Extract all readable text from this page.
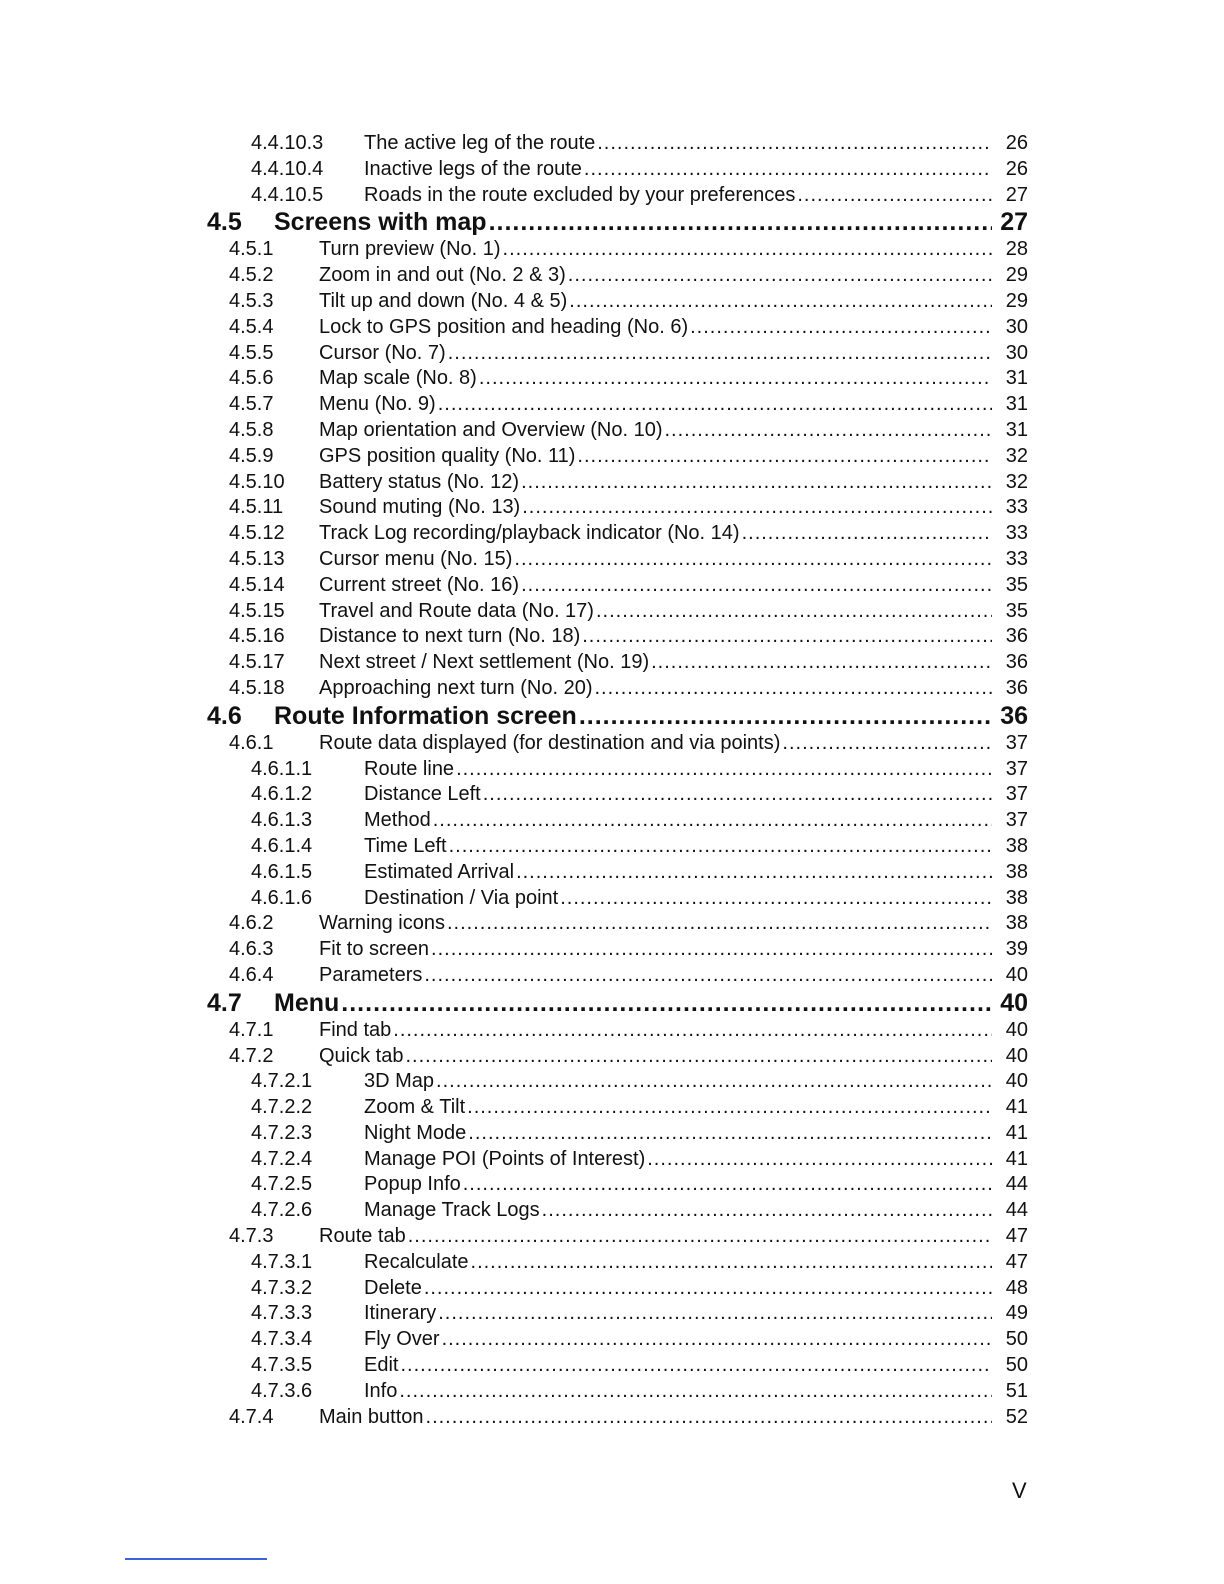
4.4.10.3 The active leg of the route .....	26
4.4.10.4 Inactive legs of the route .....	26
4.4.10.5 Roads in the route excluded by your preferences .....	27
4.5 Screens with map .....	27
4.5.1 Turn preview (No. 1) .....	28
4.5.2 Zoom in and out (No. 2 & 3) .....	29
4.5.3 Tilt up and down (No. 4 & 5) .....	29
4.5.4 Lock to GPS position and heading (No. 6) .....	30
4.5.5 Cursor (No. 7) .....	30
4.5.6 Map scale (No. 8) .....	31
4.5.7 Menu (No. 9) .....	31
4.5.8 Map orientation and Overview (No. 10) .....	31
4.5.9 GPS position quality (No. 11) .....	32
4.5.10 Battery status (No. 12) .....	32
4.5.11 Sound muting (No. 13) .....	33
4.5.12 Track Log recording/playback indicator (No. 14) .....	33
4.5.13 Cursor menu (No. 15) .....	33
4.5.14 Current street (No. 16) .....	35
4.5.15 Travel and Route data (No. 17) .....	35
4.5.16 Distance to next turn (No. 18) .....	36
4.5.17 Next street / Next settlement (No. 19) .....	36
4.5.18 Approaching next turn (No. 20) .....	36
4.6 Route Information screen .....	36
4.6.1 Route data displayed (for destination and via points) .....	37
4.6.1.1	Route line .....	37
4.6.1.2	Distance Left .....	37
4.6.1.3	Method .....	37
4.6.1.4	Time Left .....	38
4.6.1.5	Estimated Arrival .....	38
4.6.1.6	Destination / Via point .....	38
4.6.2 Warning icons .....	38
4.6.3 Fit to screen .....	39
4.6.4 Parameters .....	40
4.7 Menu .....	40
4.7.1 Find tab .....	40
4.7.2 Quick tab .....	40
4.7.2.1	3D Map .....	40
4.7.2.2	Zoom & Tilt .....	41
4.7.2.3	Night Mode .....	41
4.7.2.4	Manage POI (Points of Interest) .....	41
4.7.2.5	Popup Info .....	44
4.7.2.6	Manage Track Logs .....	44
4.7.3 Route tab .....	47
4.7.3.1	Recalculate .....	47
4.7.3.2	Delete .....	48
4.7.3.3	Itinerary .....	49
4.7.3.4	Fly Over .....	50
4.7.3.5	Edit .....	50
4.7.3.6	Info .....	51
4.7.4 Main button .....	52
V
